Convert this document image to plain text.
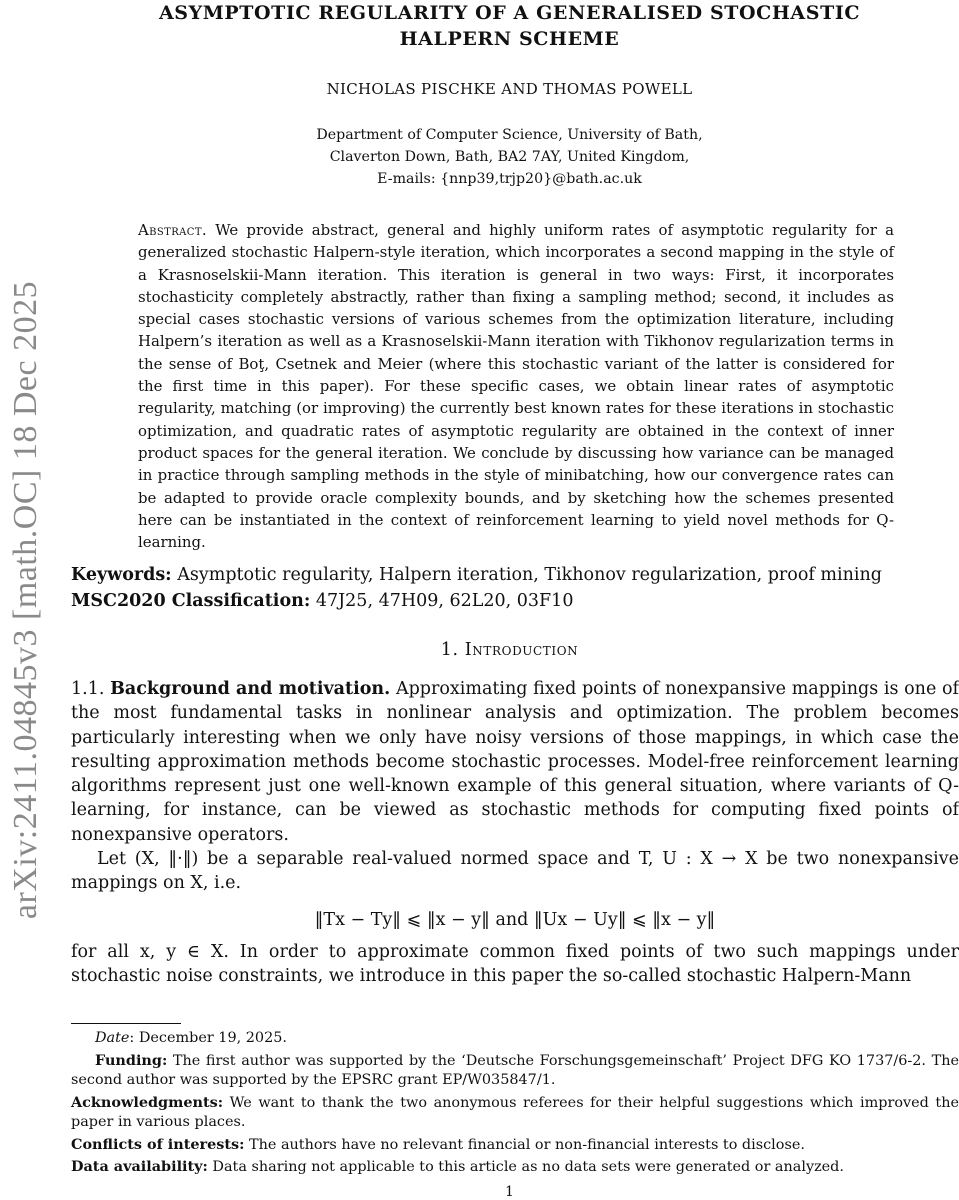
arXiv:2411.04845v3 [math.OC] 18 Dec 2025
ASYMPTOTIC REGULARITY OF A GENERALISED STOCHASTIC
HALPERN SCHEME
NICHOLAS PISCHKE AND THOMAS POWELL
Department of Computer Science, University of Bath,
Claverton Down, Bath, BA2 7AY, United Kingdom,
E-mails: {nnp39,trjp20}@bath.ac.uk
Abstract. We provide abstract, general and highly uniform rates of asymptotic regularity for a generalized stochastic Halpern-style iteration, which incorporates a second mapping in the style of a Krasnoselskii-Mann iteration. This iteration is general in two ways: First, it incorporates stochasticity completely abstractly, rather than fixing a sampling method; second, it includes as special cases stochastic versions of various schemes from the optimization literature, including Halpern’s iteration as well as a Krasnoselskii-Mann iteration with Tikhonov regularization terms in the sense of Boţ, Csetnek and Meier (where this stochastic variant of the latter is considered for the first time in this paper). For these specific cases, we obtain linear rates of asymptotic regularity, matching (or improving) the currently best known rates for these iterations in stochastic optimization, and quadratic rates of asymptotic regularity are obtained in the context of inner product spaces for the general iteration. We conclude by discussing how variance can be managed in practice through sampling methods in the style of minibatching, how our convergence rates can be adapted to provide oracle complexity bounds, and by sketching how the schemes presented here can be instantiated in the context of reinforcement learning to yield novel methods for Q-learning.
Keywords: Asymptotic regularity, Halpern iteration, Tikhonov regularization, proof mining
MSC2020 Classification: 47J25, 47H09, 62L20, 03F10
1. Introduction

1.1. Background and motivation. Approximating fixed points of nonexpansive mappings is one of the most fundamental tasks in nonlinear analysis and optimization. The problem becomes particularly interesting when we only have noisy versions of those mappings, in which case the resulting approximation methods become stochastic processes. Model-free reinforcement learning algorithms represent just one well-known example of this general situation, where variants of Q-learning, for instance, can be viewed as stochastic methods for computing fixed points of nonexpansive operators.

Let (X, ‖·‖) be a separable real-valued normed space and T, U : X → X be two nonexpansive mappings on X, i.e.

‖Tx − Ty‖ ⩽ ‖x − y‖ and ‖Ux − Uy‖ ⩽ ‖x − y‖

for all x, y ∈ X. In order to approximate common fixed points of two such mappings under stochastic noise constraints, we introduce in this paper the so-called stochastic Halpern-Mann

Date: December 19, 2025.

Funding: The first author was supported by the ‘Deutsche Forschungsgemeinschaft’ Project DFG KO 1737/6-2. The second author was supported by the EPSRC grant EP/W035847/1.

Acknowledgments: We want to thank the two anonymous referees for their helpful suggestions which improved the paper in various places.

Conflicts of interests: The authors have no relevant financial or non-financial interests to disclose.

Data availability: Data sharing not applicable to this article as no data sets were generated or analyzed.

1
